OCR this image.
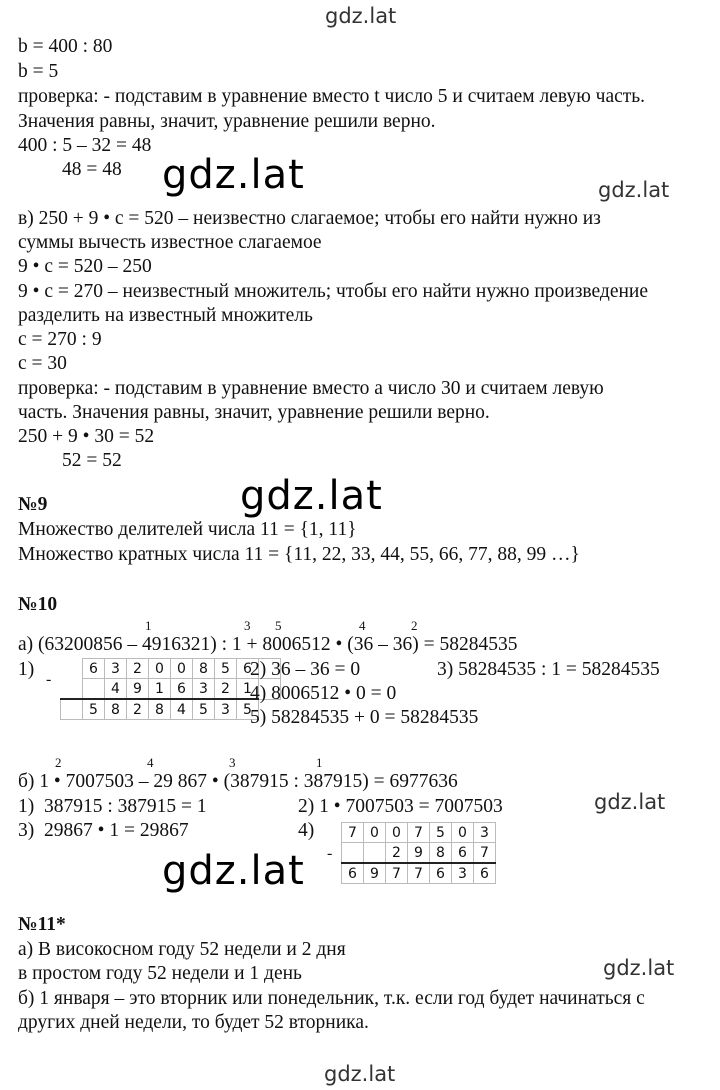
gdz.lat
gdz.lat	gdz.lat
gdz.lat
gdz.lat
gdz.lat
gdz.lat
gdz.lat
b = 400 : 80
b = 5
проверка: - подставим в уравнение вместо t число 5 и считаем левую часть.
Значения равны, значит, уравнение решили верно.
400 : 5 – 32 = 48
48 = 48
в) 250 + 9 • c = 520 – неизвестно слагаемое; чтобы его найти нужно из
суммы вычесть известное слагаемое
9 • c = 520 – 250
9 • c = 270 – неизвестный множитель; чтобы его найти нужно произведение
разделить на известный множитель
c = 270 : 9
c = 30
проверка: - подставим в уравнение вместо a число 30 и считаем левую
часть. Значения равны, значит, уравнение решили верно.
250 + 9 • 30 = 52
52 = 52
№9
Множество делителей числа 11 = {1, 11}
Множество кратных числа 11 = {11, 22, 33, 44, 55, 66, 77, 88, 99 …}
№10
1	3 5	4	2
а) (63200856 – 4916321) : 1 + 8006512 • (36 – 36) = 58284535
1) -
	6	3	2	0	0	8	5	6	
		4	9	1	6	3	2	1	
	5	8	2	8	4	5	3	5	
2) 36 – 36 = 0	3) 58284535 : 1 = 58284535
4) 8006512 • 0 = 0
5) 58284535 + 0 = 58284535
2	4	3	1
б) 1 • 7007503 – 29 867 • (387915 : 387915) = 6977636
1)  387915 : 387915 = 1	2) 1 • 7007503 = 7007503
3)  29867 • 1 = 29867	4)
-
7	0	0	7	5	0	3
		2	9	8	6	7
6	9	7	7	6	3	6
№11*
а) В високосном году 52 недели и 2 дня
в простом году 52 недели и 1 день
б) 1 января – это вторник или понедельник, т.к. если год будет начинаться с
других дней недели, то будет 52 вторника.
